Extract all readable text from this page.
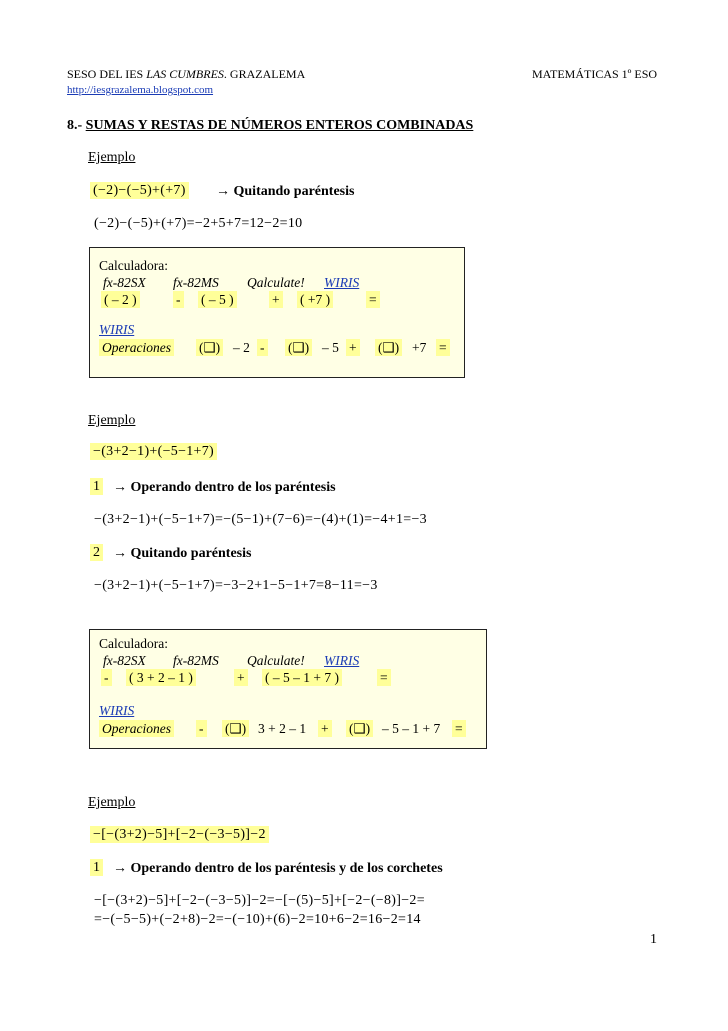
SESO DEL IES LAS CUMBRES. GRAZALEMA	MATEMÁTICAS 1º ESO
http://iesgrazalema.blogspot.com
8.- SUMAS Y RESTAS DE NÚMEROS ENTEROS COMBINADAS
Ejemplo
(−2)−(−5)+(+7) → Quitando paréntesis
(−2)−(−5)+(+7)=−2+5+7=12−2=10
Calculadora:
fx-82SX fx-82MS Qalculate! WIRIS
( – 2 )	- ( – 5 )	+ ( +7 )	=
WIRIS
Operaciones (❑) – 2 - (❑) – 5 + (❑) +7 =
Ejemplo
−(3+2−1)+(−5−1+7)
1 → Operando dentro de los paréntesis
−(3+2−1)+(−5−1+7)=−(5−1)+(7−6)=−(4)+(1)=−4+1=−3
2 → Quitando paréntesis
−(3+2−1)+(−5−1+7)=−3−2+1−5−1+7=8−11=−3
Calculadora:
fx-82SX fx-82MS Qalculate! WIRIS
- ( 3 + 2 – 1 )	+ ( – 5 – 1 + 7 )	=
WIRIS
Operaciones - (❑) 3 + 2 – 1 + (❑) – 5 – 1 + 7 =
Ejemplo
−[−(3+2)−5]+[−2−(−3−5)]−2
1 → Operando dentro de los paréntesis y de los corchetes
−[−(3+2)−5]+[−2−(−3−5)]−2=−[−(5)−5]+[−2−(−8)]−2=
=−(−5−5)+(−2+8)−2=−(−10)+(6)−2=10+6−2=16−2=14
1
